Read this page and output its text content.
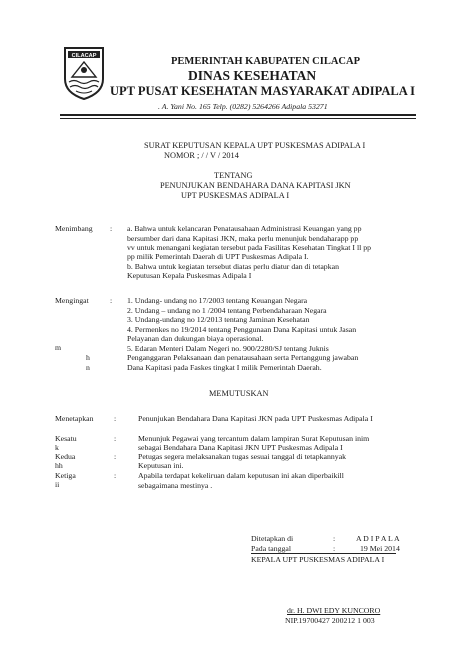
CILACAP
PEMERINTAH KABUPATEN CILACAP
DINAS KESEHATAN
UPT PUSAT KESEHATAN MASYARAKAT ADIPALA I
. A. Yani No. 165 Telp. (0282) 5264266 Adipala 53271
SURAT KEPUTUSAN KEPALA UPT PUSKESMAS ADIPALA I
NOMOR ; / / V / 2014
TENTANG
PENUNJUKAN BENDAHARA DANA KAPITASI JKN
UPT PUSKESMAS ADIPALA I
Menimbang : a. Bahwa untuk kelancaran Penatausahaan Administrasi Keuangan yang pp
bersumber dari dana Kapitasi JKN, maka perlu menunjuk bendaharapp pp
vv untuk menangani kegiatan tersebut pada Fasilitas Kesehatan Tingkat I ll pp
pp milik Pemerintah Daerah di UPT Puskesmas Adipala I.
b. Bahwa untuk kegiatan tersebut diatas perlu diatur dan di tetapkan
Keputusan Kepala Puskesmas Adipala I
Mengingat	: 1. Undang- undang no 17/2003 tentang Keuangan Negara
2. Undang – undang no 1 /2004 tentang Perbendaharaan Negara
3. Undang-undang no 12/2013 tentang Jaminan Kesehatan
4. Permenkes no 19/2014 tentang Penggunaan Dana Kapitasi untuk Jasan
Pelayanan dan dukungan biaya operasional.
5. Edaran Menteri Dalam Negeri no. 900/2280/SJ tentang Juknis
Penganggaran Pelaksanaan dan penatausahaan serta Pertanggung jawaban
Dana Kapitasi pada Faskes tingkat I milik Pemerintah Daerah.
m
h
n
MEMUTUSKAN
Menetapkan	:	Penunjukan Bendahara Dana Kapitasi JKN pada UPT Puskesmas Adipala I
Kesatu
k
:	Menunjuk Pegawai yang tercantum dalam lampiran Surat Keputusan inim
sebagai Bendahara Dana Kapitasi JKN UPT Puskesmas Adipala I
Kedua
hh
:	Petugas segera melaksanakan tugas sesuai tanggal di tetapkannyak
Keputusan ini.
Ketiga
ii
:	Apabila terdapat kekeliruan dalam keputusan ini akan diperbaikill
sebagaimana mestinya .
Ditetapkan di	:	A D I P A L A
Pada tanggal	:	19 Mei 2014
KEPALA UPT PUSKESMAS ADIPALA I
dr. H. DWI EDY KUNCORO
NIP.19700427 200212 1 003
